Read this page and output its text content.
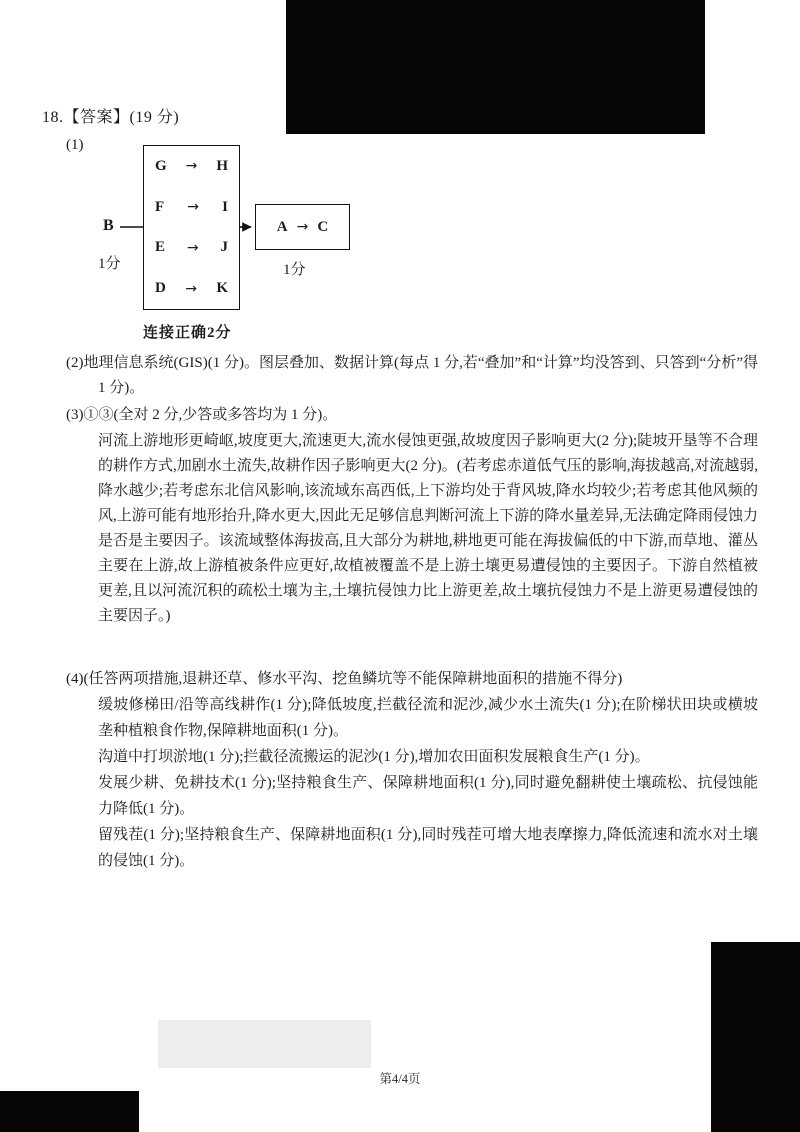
18.【答案】(19 分)
(1)
B
1分
G → H
F → I
E → J
D → K
A → C
1分
连接正确2分
(2)地理信息系统(GIS)(1 分)。图层叠加、数据计算(每点 1 分,若“叠加”和“计算”均没答到、只答到“分析”得 1 分)。
(3)①③(全对 2 分,少答或多答均为 1 分)。
河流上游地形更崎岖,坡度更大,流速更大,流水侵蚀更强,故坡度因子影响更大(2 分);陡坡开垦等不合理的耕作方式,加剧水土流失,故耕作因子影响更大(2 分)。(若考虑赤道低气压的影响,海拔越高,对流越弱,降水越少;若考虑东北信风影响,该流域东高西低,上下游均处于背风坡,降水均较少;若考虑其他风频的风,上游可能有地形抬升,降水更大,因此无足够信息判断河流上下游的降水量差异,无法确定降雨侵蚀力是否是主要因子。该流域整体海拔高,且大部分为耕地,耕地更可能在海拔偏低的中下游,而草地、灌丛主要在上游,故上游植被条件应更好,故植被覆盖不是上游土壤更易遭侵蚀的主要因子。下游自然植被更差,且以河流沉积的疏松土壤为主,土壤抗侵蚀力比上游更差,故土壤抗侵蚀力不是上游更易遭侵蚀的主要因子。)
(4)(任答两项措施,退耕还草、修水平沟、挖鱼鳞坑等不能保障耕地面积的措施不得分)
缓坡修梯田/沿等高线耕作(1 分);降低坡度,拦截径流和泥沙,减少水土流失(1 分);在阶梯状田块或横坡垄种植粮食作物,保障耕地面积(1 分)。
沟道中打坝淤地(1 分);拦截径流搬运的泥沙(1 分),增加农田面积发展粮食生产(1 分)。
发展少耕、免耕技术(1 分);坚持粮食生产、保障耕地面积(1 分),同时避免翻耕使土壤疏松、抗侵蚀能力降低(1 分)。
留残茬(1 分);坚持粮食生产、保障耕地面积(1 分),同时残茬可增大地表摩擦力,降低流速和流水对土壤的侵蚀(1 分)。
第4/4页
